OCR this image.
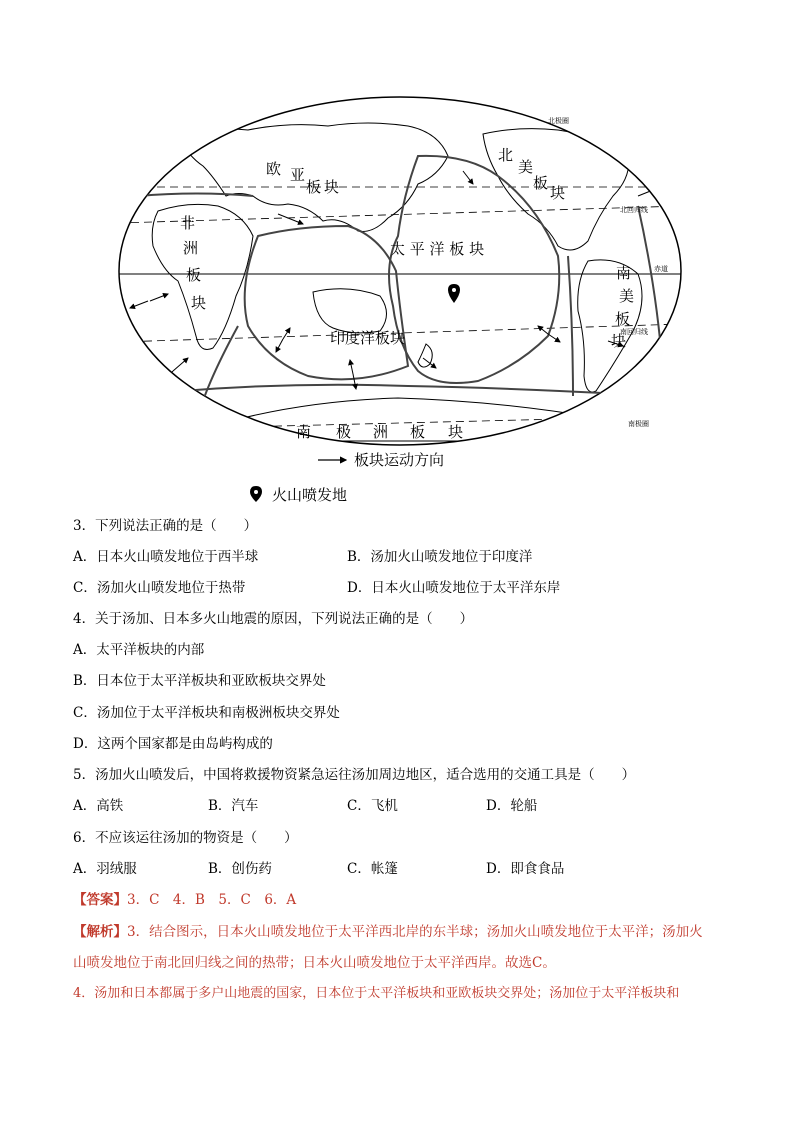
欧 亚
板 块
非
洲
板
块
太 平 洋 板 块
北
美
板
块
南
美
板
块
印度洋板块
南 极 洲 板 块
北极圈
北回归线
赤道
南回归线
南极圈
板块运动方向
火山喷发地
3．下列说法正确的是（　　）
A．日本火山喷发地位于西半球	B．汤加火山喷发地位于印度洋
C．汤加火山喷发地位于热带	D．日本火山喷发地位于太平洋东岸
4．关于汤加、日本多火山地震的原因，下列说法正确的是（　　）
A．太平洋板块的内部
B．日本位于太平洋板块和亚欧板块交界处
C．汤加位于太平洋板块和南极洲板块交界处
D．这两个国家都是由岛屿构成的
5．汤加火山喷发后，中国将救援物资紧急运往汤加周边地区，适合选用的交通工具是（　　）
A．高铁	B．汽车	C．飞机	D．轮船
6．不应该运往汤加的物资是（　　）
A．羽绒服	B．创伤药	C．帐篷	D．即食食品
【答案】3．C　4．B　5．C　6．A
【解析】3．结合图示，日本火山喷发地位于太平洋西北岸的东半球；汤加火山喷发地位于太平洋；汤加火
山喷发地位于南北回归线之间的热带；日本火山喷发地位于太平洋西岸。故选C。
4．汤加和日本都属于多户山地震的国家，日本位于太平洋板块和亚欧板块交界处；汤加位于太平洋板块和
